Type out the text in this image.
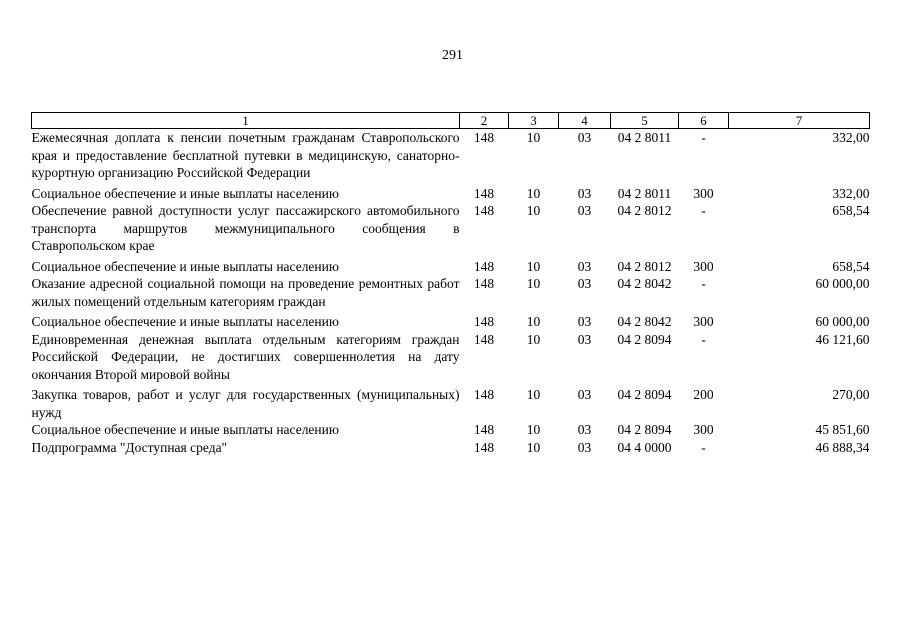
291
1	2	3	4	5	6	7
Ежемесячная доплата к пенсии почетным гражданам Ставропольского края и предоставление бесплатной путевки в медицинскую, санаторно-курортную организацию Российской Федерации	148	10	03	04 2 8011	-	332,00
Социальное обеспечение и иные выплаты населению	148	10	03	04 2 8011	300	332,00
Обеспечение равной доступности услуг пассажирского автомобильного транспорта маршрутов межмуниципального сообщения в Ставропольском крае	148	10	03	04 2 8012	-	658,54
Социальное обеспечение и иные выплаты населению	148	10	03	04 2 8012	300	658,54
Оказание адресной социальной помощи на проведение ремонтных работ жилых помещений отдельным категориям граждан	148	10	03	04 2 8042	-	60 000,00
Социальное обеспечение и иные выплаты населению	148	10	03	04 2 8042	300	60 000,00
Единовременная денежная выплата отдельным категориям граждан Российской Федерации, не достигших совершеннолетия на дату окончания Второй мировой войны	148	10	03	04 2 8094	-	46 121,60
Закупка товаров, работ и услуг для государственных (муниципальных) нужд	148	10	03	04 2 8094	200	270,00
Социальное обеспечение и иные выплаты населению	148	10	03	04 2 8094	300	45 851,60
Подпрограмма "Доступная среда"	148	10	03	04 4 0000	-	46 888,34
